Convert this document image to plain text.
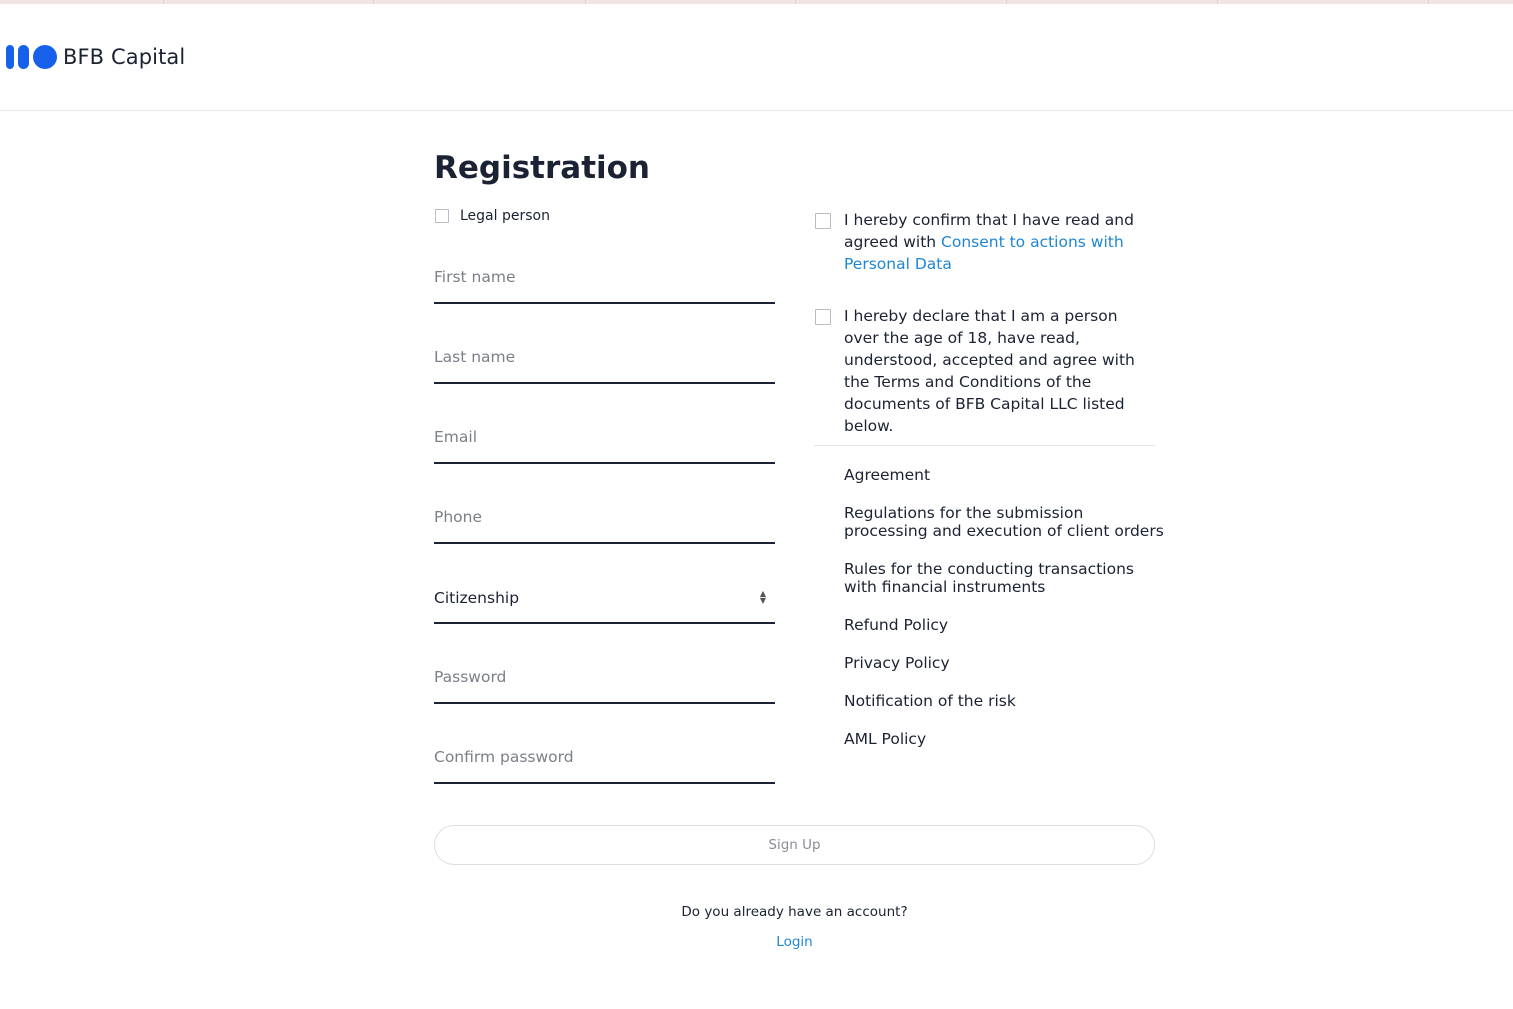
BFB Capital
Registration
Legal person
First name
Last name
Email
Phone
Citizenship	▲
▼
I hereby confirm that I have read and agreed with Consent to actions with Personal Data
I hereby declare that I am a person over the age of 18, have read, understood, accepted and agree with the Terms and Conditions of the documents of BFB Capital LLC listed below.
Agreement
Regulations for the submission processing and execution of client orders
Rules for the conducting transactions with financial instruments
Refund Policy
Privacy Policy
Notification of the risk
AML Policy
Sign Up
Do you already have an account?
Login
